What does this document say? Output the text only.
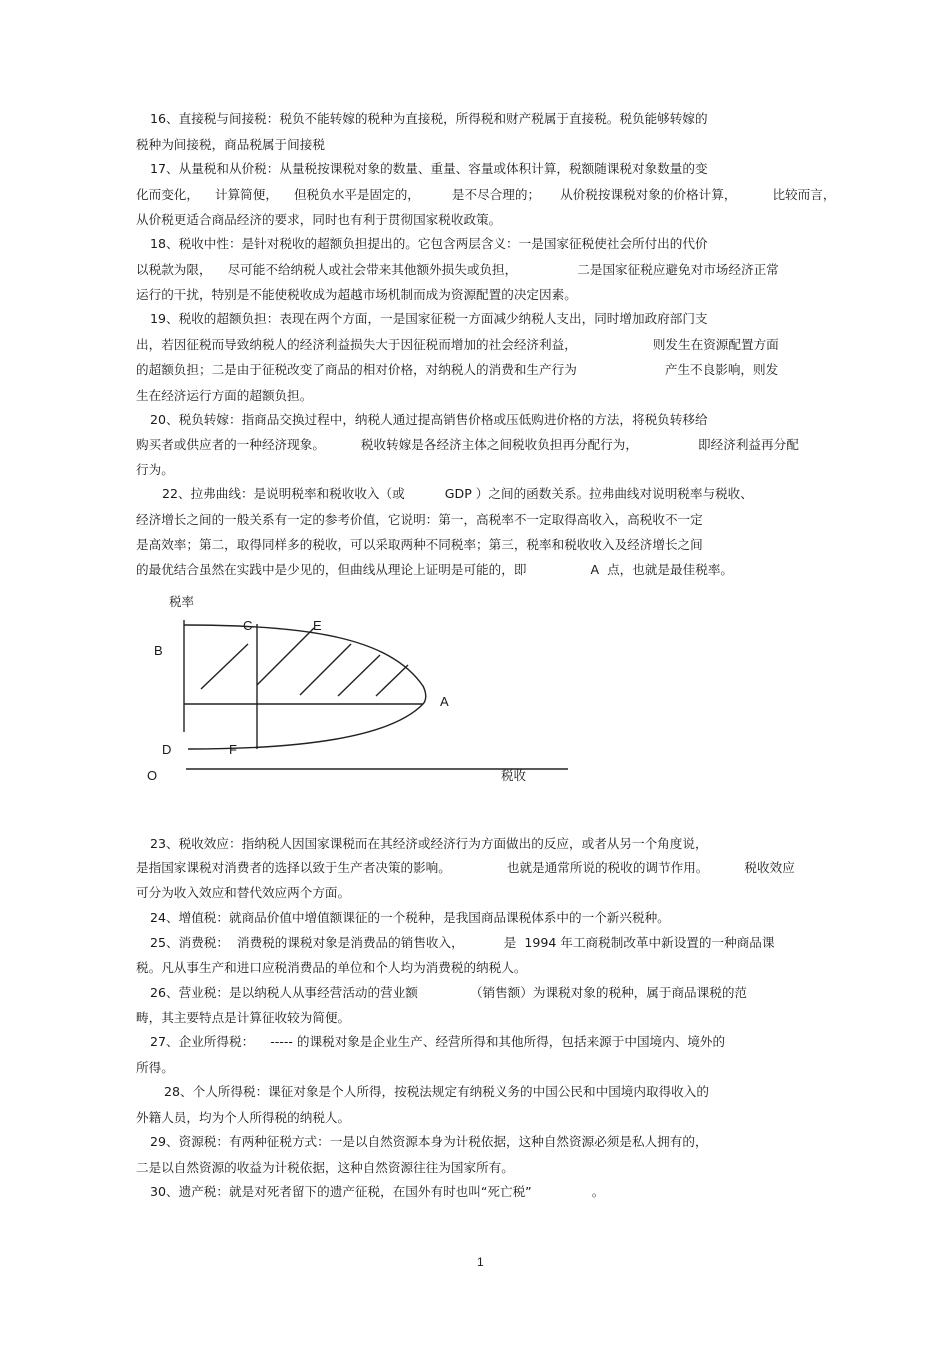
16、直接税与间接税：税负不能转嫁的税种为直接税，所得税和财产税属于直接税。税负能够转嫁的
税种为间接税，商品税属于间接税
17、从量税和从价税：从量税按课税对象的数量、重量、容量或体积计算，税额随课税对象数量的变
化而变化，    计算简便，    但税负水平是固定的，        是不尽合理的；     从价税按课税对象的价格计算，         比较而言，
从价税更适合商品经济的要求，同时也有利于贯彻国家税收政策。
18、税收中性：是针对税收的超额负担提出的。它包含两层含义：一是国家征税使社会所付出的代价
以税款为限，    尽可能不给纳税人或社会带来其他额外损失或负担，               二是国家征税应避免对市场经济正常
运行的干扰，特别是不能使税收成为超越市场机制而成为资源配置的决定因素。
19、税收的超额负担：表现在两个方面，一是国家征税一方面减少纳税人支出，同时增加政府部门支
出，若因征税而导致纳税人的经济利益损失大于因征税而增加的社会经济利益，                   则发生在资源配置方面
的超额负担；二是由于征税改变了商品的相对价格，对纳税人的消费和生产行为                      产生不良影响，则发
生在经济运行方面的超额负担。
20、税负转嫁：指商品交换过程中，纳税人通过提高销售价格或压低购进价格的方法，将税负转移给
购买者或供应者的一种经济现象。         税收转嫁是各经济主体之间税收负担再分配行为，               即经济利益再分配
行为。
22、拉弗曲线：是说明税率和税收收入（或          GDP ）之间的函数关系。拉弗曲线对说明税率与税收、
经济增长之间的一般关系有一定的参考价值，它说明：第一，高税率不一定取得高收入，高税收不一定
是高效率；第二，取得同样多的税收，可以采取两种不同税率；第三，税率和税收收入及经济增长之间
的最优结合虽然在实践中是少见的，但曲线从理论上证明是可能的，即                A  点，也就是最佳税率。
23、税收效应：指纳税人因国家课税而在其经济或经济行为方面做出的反应，或者从另一个角度说，
是指国家课税对消费者的选择以致于生产者决策的影响。              也就是通常所说的税收的调节作用。         税收效应
可分为收入效应和替代效应两个方面。
24、增值税：就商品价值中增值额课征的一个税种，是我国商品课税体系中的一个新兴税种。
25、消费税：  消费税的课税对象是消费品的销售收入，          是  1994 年工商税制改革中新设置的一种商品课
税。凡从事生产和进口应税消费品的单位和个人均为消费税的纳税人。
26、营业税：是以纳税人从事经营活动的营业额             （销售额）为课税对象的税种，属于商品课税的范
畴，其主要特点是计算征收较为简便。
27、企业所得税：    ----- 的课税对象是企业生产、经营所得和其他所得，包括来源于中国境内、境外的
所得。
28、个人所得税：课征对象是个人所得，按税法规定有纳税义务的中国公民和中国境内取得收入的
外籍人员，均为个人所得税的纳税人。
29、资源税：有两种征税方式：一是以自然资源本身为计税依据，这种自然资源必须是私人拥有的，
二是以自然资源的收益为计税依据，这种自然资源往往为国家所有。
30、遗产税：就是对死者留下的遗产征税，在国外有时也叫“死亡税”               。
税率
B
C	E
A
D	F
O	税收
1
